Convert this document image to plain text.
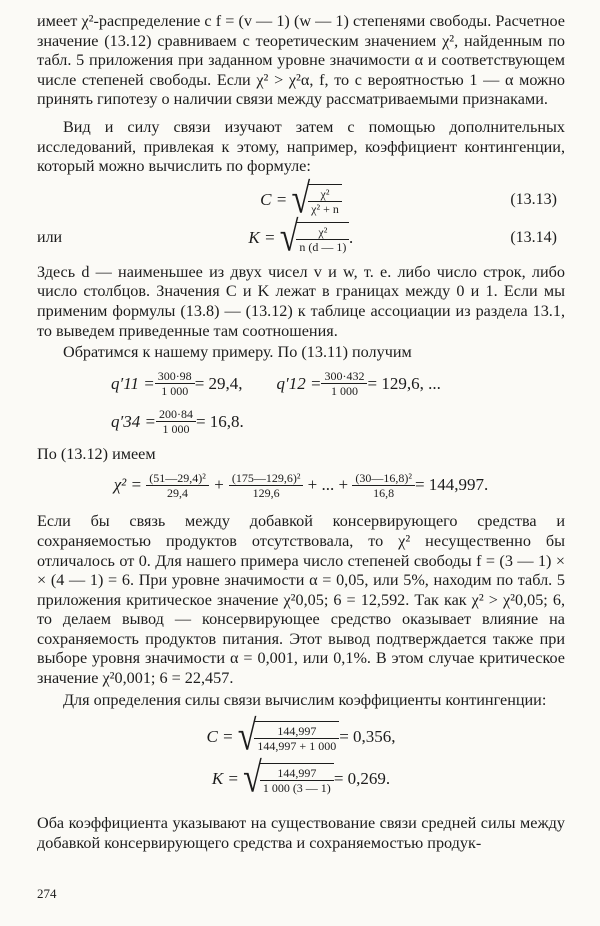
имеет χ²-распределение с f = (v — 1) (w — 1) степенями свободы. Расчетное значение (13.12) сравниваем с теоретическим значением χ², найденным по табл. 5 приложения при заданном уровне значимости α и соответствующем числе степеней свободы. Если χ² > χ²α, f, то с вероятностью 1 — α можно принять гипотезу о наличии связи между рассматриваемыми признаками.

Вид и силу связи изучают затем с помощью дополнительных исследований, привлекая к этому, например, коэффициент контингенции, который можно вычислить по формуле:

C =
√
$\frac{\text{χ²}}{\text{χ² + n}}$	(13.13)
или	K =
√
$\frac{\text{χ²}}{n (d — 1)}$ .	(13.14)

Здесь d — наименьшее из двух чисел v и w, т. е. либо число строк, либо число столбцов. Значения C и K лежат в границах между 0 и 1. Если мы применим формулы (13.8) — (13.12) к таблице ассоциации из раздела 13.1, то выведем приведенные там соотношения.

Обратимся к нашему примеру. По (13.11) получим

$q'11 = \frac{300\cdot 98}{1 000} = 29,4$, $q'12 = \frac{300\cdot 432}{1 000} = 129,6$, ...
$q'34 = \frac{200\cdot 84}{1 000} = 16,8$.

По (13.12) имеем

χ² =
$\frac{\text{(51—29,4)²}}{29,4} + \frac{\text{(175—129,6)²}}{129,6}$
+ ... +
$\frac{\text{(30—16,8)²}}{16,8} = 144,997$.

Если бы связь между добавкой консервирующего средства и сохраняемостью продуктов отсутствовала, то χ² несущественно бы отличалось от 0. Для нашего примера число степеней свободы f = (3 — 1) × × (4 — 1) = 6. При уровне значимости α = 0,05, или 5%, находим по табл. 5 приложения критическое значение χ²0,05; 6 = 12,592. Так как χ² > χ²0,05; 6, то делаем вывод — консервирующее средство оказывает влияние на сохраняемость продуктов питания. Этот вывод подтверждается также при выборе уровня значимости α = 0,001, или 0,1%. В этом случае критическое значение χ²0,001; 6 = 22,457.

Для определения силы связи вычислим коэффициенты контингенции:

C =
√
$\frac{144,997}{144,997 + 1 000} = 0,356$,
K =
√
$\frac{144,997}{1 000 (3 — 1)} = 0,269$.

Оба коэффициента указывают на существование связи средней силы между добавкой консервирующего средства и сохраняемостью продук-

274
